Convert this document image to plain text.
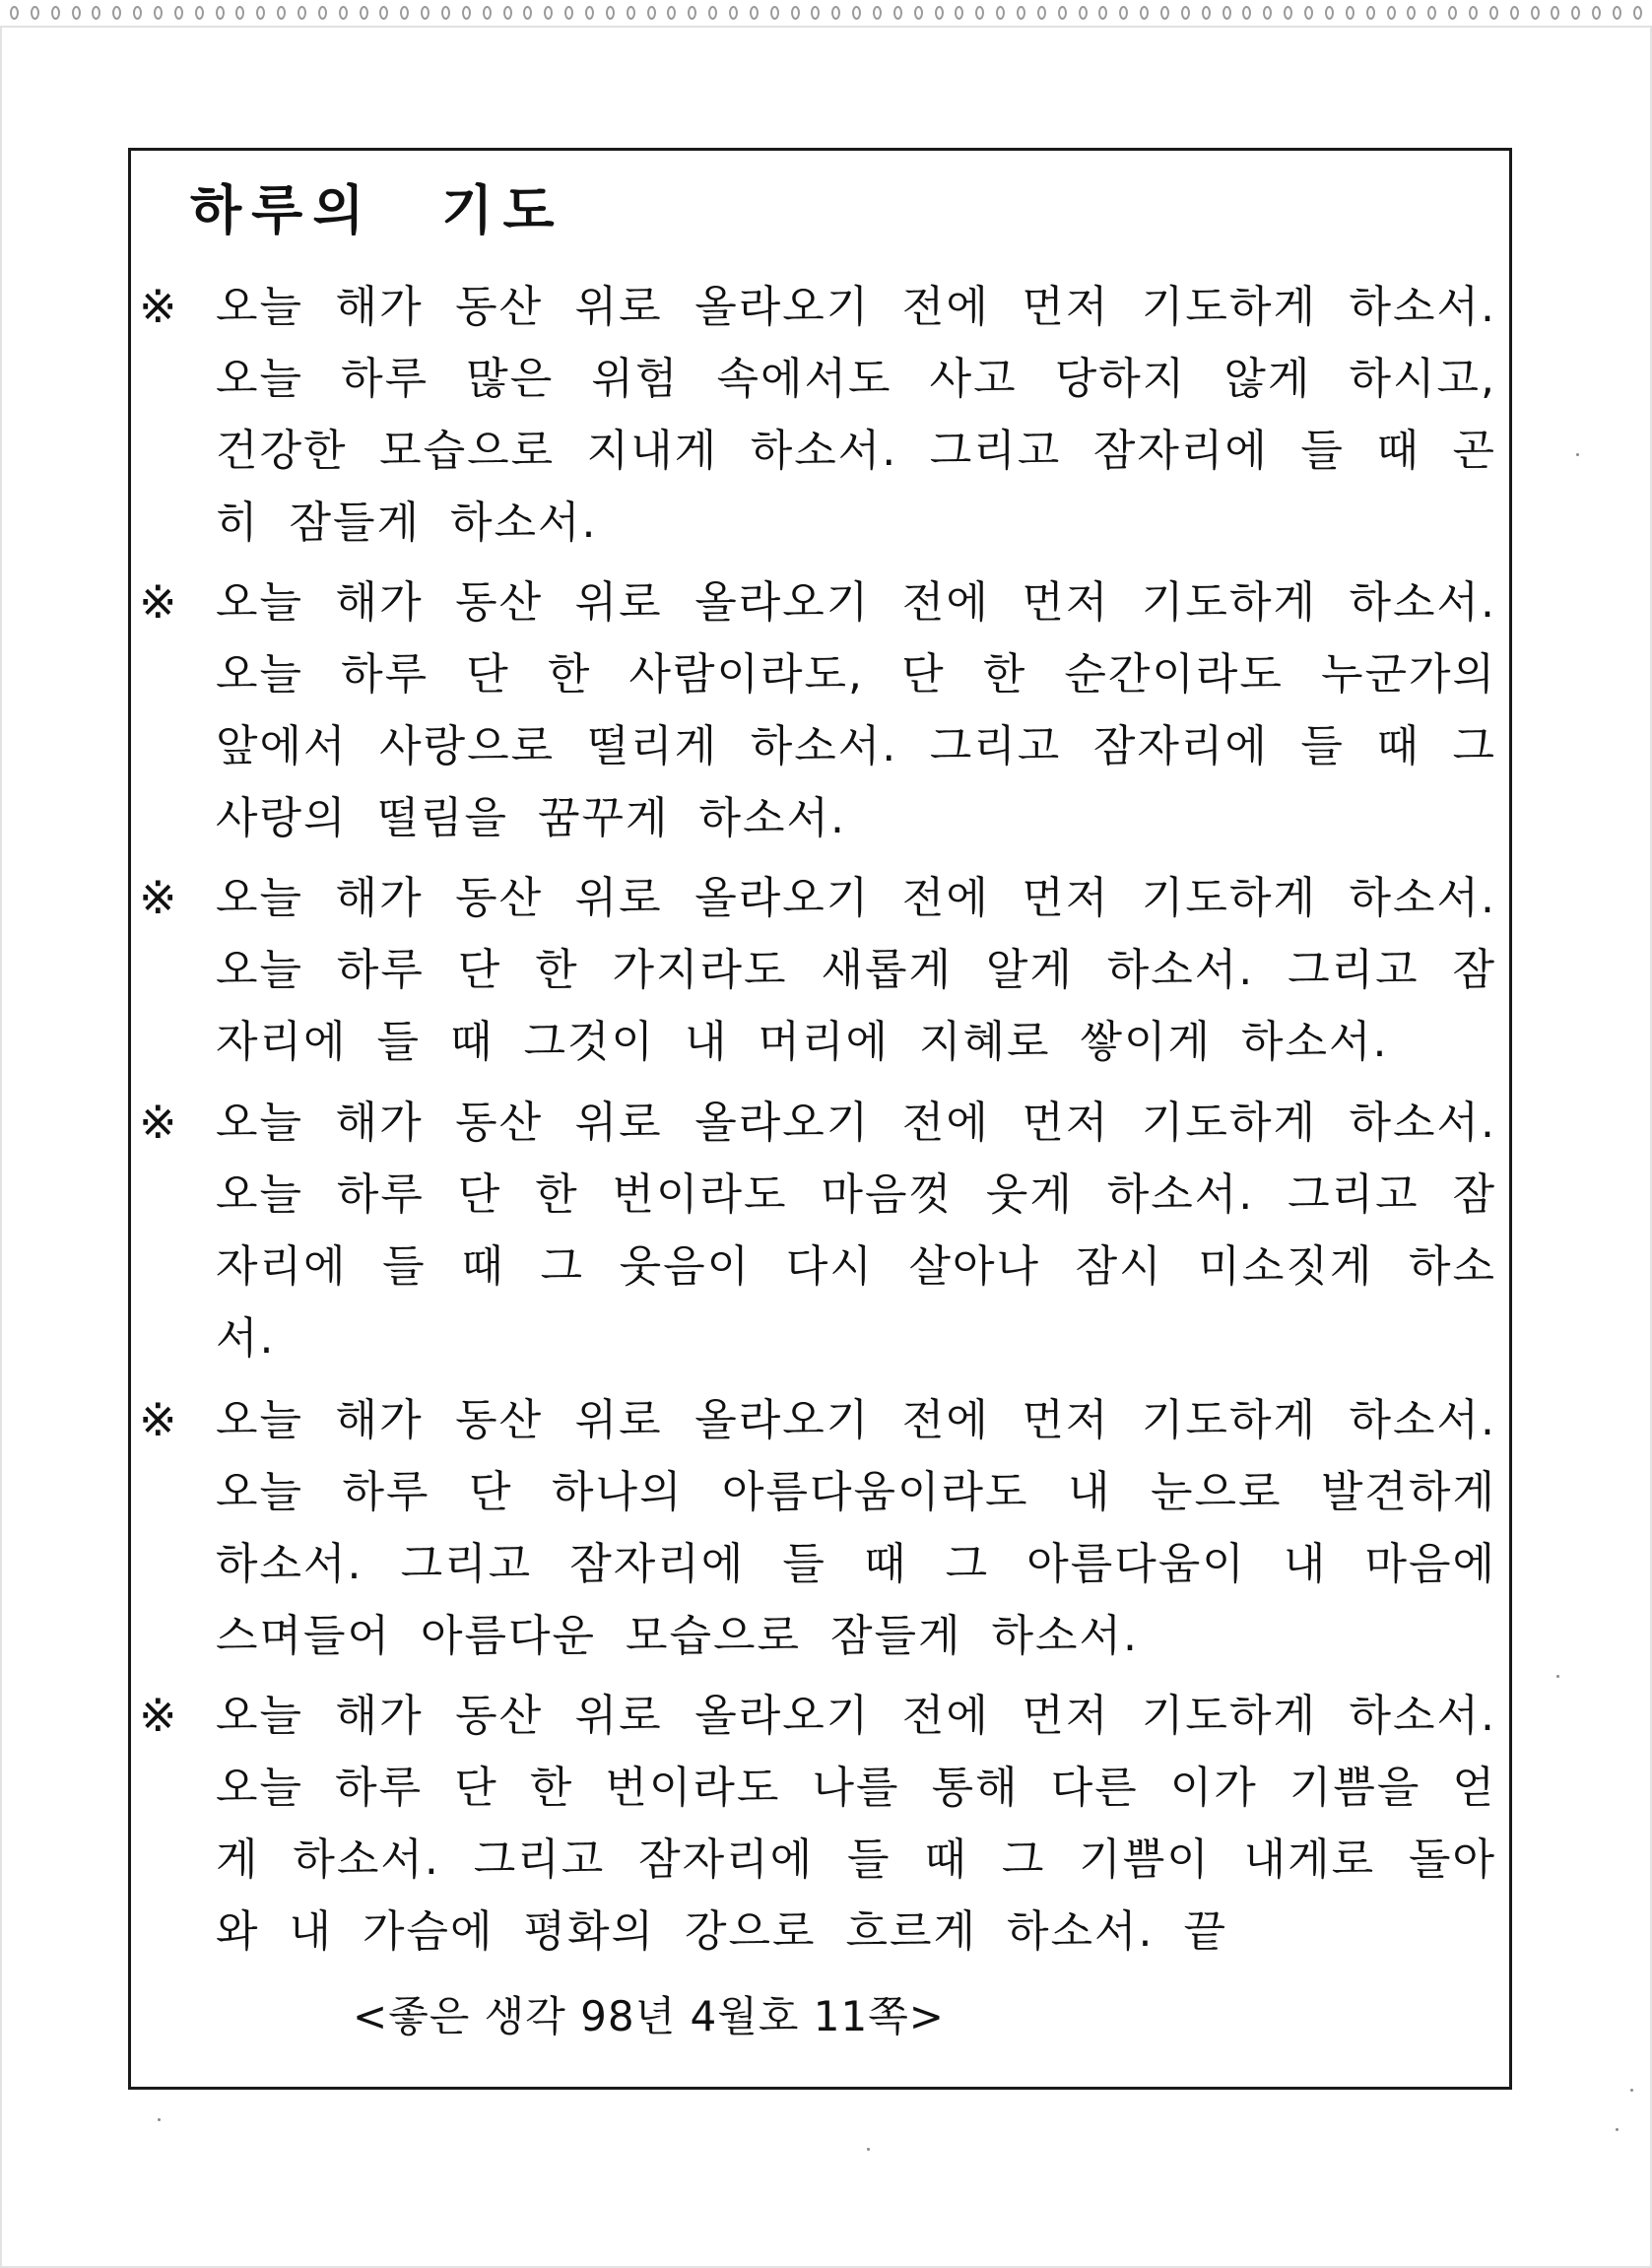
하루의 기도
※ 오늘 해가 동산 위로 올라오기 전에 먼저 기도하게 하소서. 오늘 하루 많은 위험 속에서도 사고 당하지 않게 하시고, 건강한 모습으로 지내게 하소서. 그리고 잠자리에 들 때 곤히 잠들게 하소서.

※ 오늘 해가 동산 위로 올라오기 전에 먼저 기도하게 하소서. 오늘 하루 단 한 사람이라도, 단 한 순간이라도 누군가의 앞에서 사랑으로 떨리게 하소서. 그리고 잠자리에 들 때 그 사랑의 떨림을 꿈꾸게 하소서.

※ 오늘 해가 동산 위로 올라오기 전에 먼저 기도하게 하소서. 오늘 하루 단 한 가지라도 새롭게 알게 하소서. 그리고 잠자리에 들 때 그것이 내 머리에 지혜로 쌓이게 하소서.

※ 오늘 해가 동산 위로 올라오기 전에 먼저 기도하게 하소서. 오늘 하루 단 한 번이라도 마음껏 웃게 하소서. 그리고 잠자리에 들 때 그 웃음이 다시 살아나 잠시 미소짓게 하소서.

※ 오늘 해가 동산 위로 올라오기 전에 먼저 기도하게 하소서. 오늘 하루 단 하나의 아름다움이라도 내 눈으로 발견하게 하소서. 그리고 잠자리에 들 때 그 아름다움이 내 마음에 스며들어 아름다운 모습으로 잠들게 하소서.

※ 오늘 해가 동산 위로 올라오기 전에 먼저 기도하게 하소서. 오늘 하루 단 한 번이라도 나를 통해 다른 이가 기쁨을 얻게 하소서. 그리고 잠자리에 들 때 그 기쁨이 내게로 돌아와 내 가슴에 평화의 강으로 흐르게 하소서. 끝

<좋은 생각 98년 4월호 11쪽>
